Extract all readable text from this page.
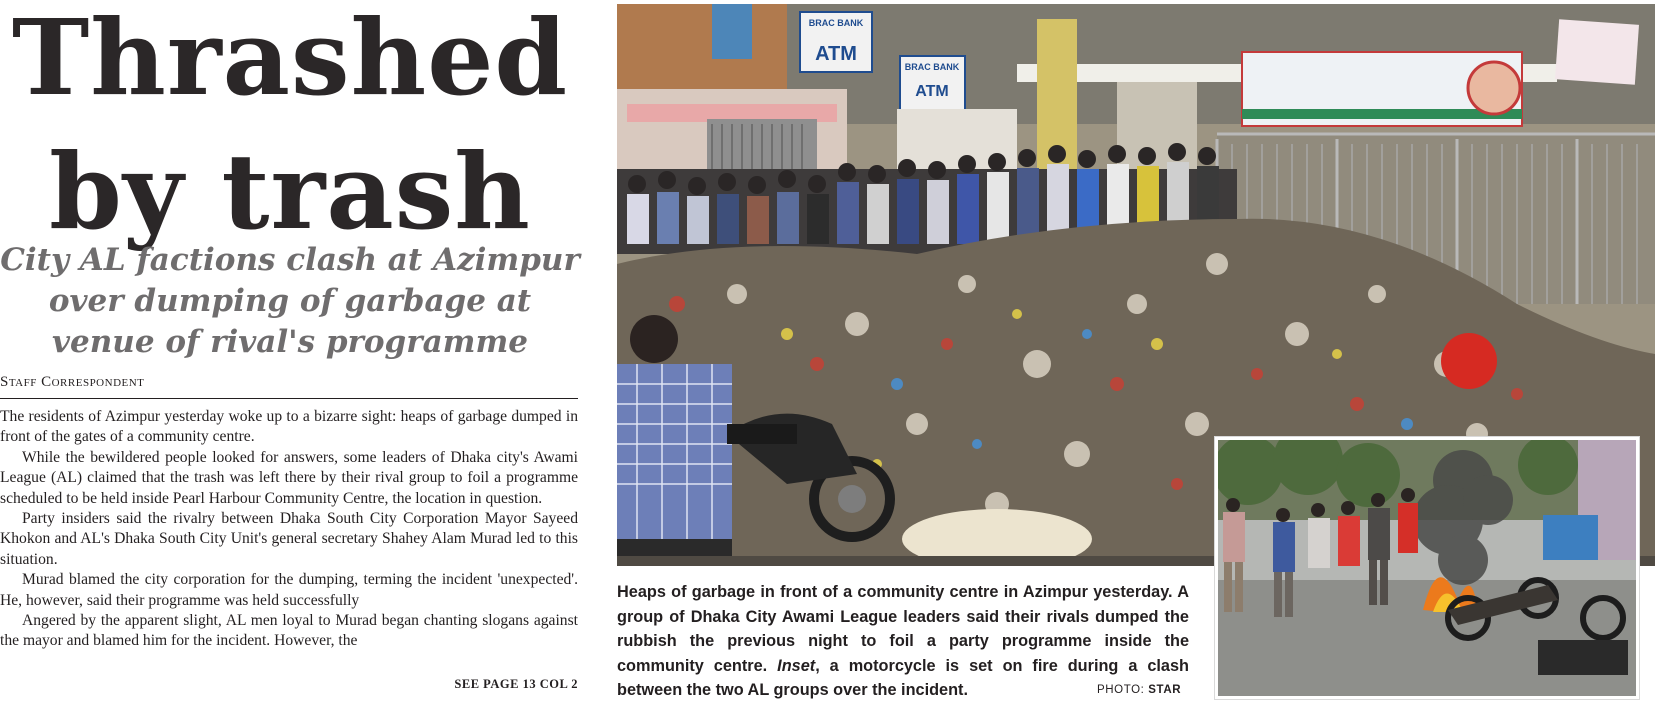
Thrashed
by trash
City AL factions clash at Azimpur
over dumping of garbage at
venue of rival's programme
Staff Correspondent

The residents of Azimpur yesterday woke up to a bizarre sight: heaps of garbage dumped in front of the gates of a community centre.

While the bewildered people looked for answers, some leaders of Dhaka city's Awami League (AL) claimed that the trash was left there by their rival group to foil a programme scheduled to be held inside Pearl Harbour Community Centre, the location in question.

Party insiders said the rivalry between Dhaka South City Corporation Mayor Sayeed Khokon and AL's Dhaka South City Unit's general secretary Shahey Alam Murad led to this situation.

Murad blamed the city corporation for the dumping, terming the incident 'unexpected'. He, however, said their programme was held successfully

Angered by the apparent slight, AL men loyal to Murad began chanting slogans against the mayor and blamed him for the incident. However, the

SEE PAGE 13 COL 2
BRAC BANK
ATM
BRAC BANK
ATM
Heaps of garbage in front of a community centre in Azimpur yesterday. A group of Dhaka City Awami League leaders said their rivals dumped the rubbish the previous night to foil a party programme inside the community centre. Inset, a motorcycle is set on fire during a clash between the two AL groups over the incident.	PHOTO: STAR
